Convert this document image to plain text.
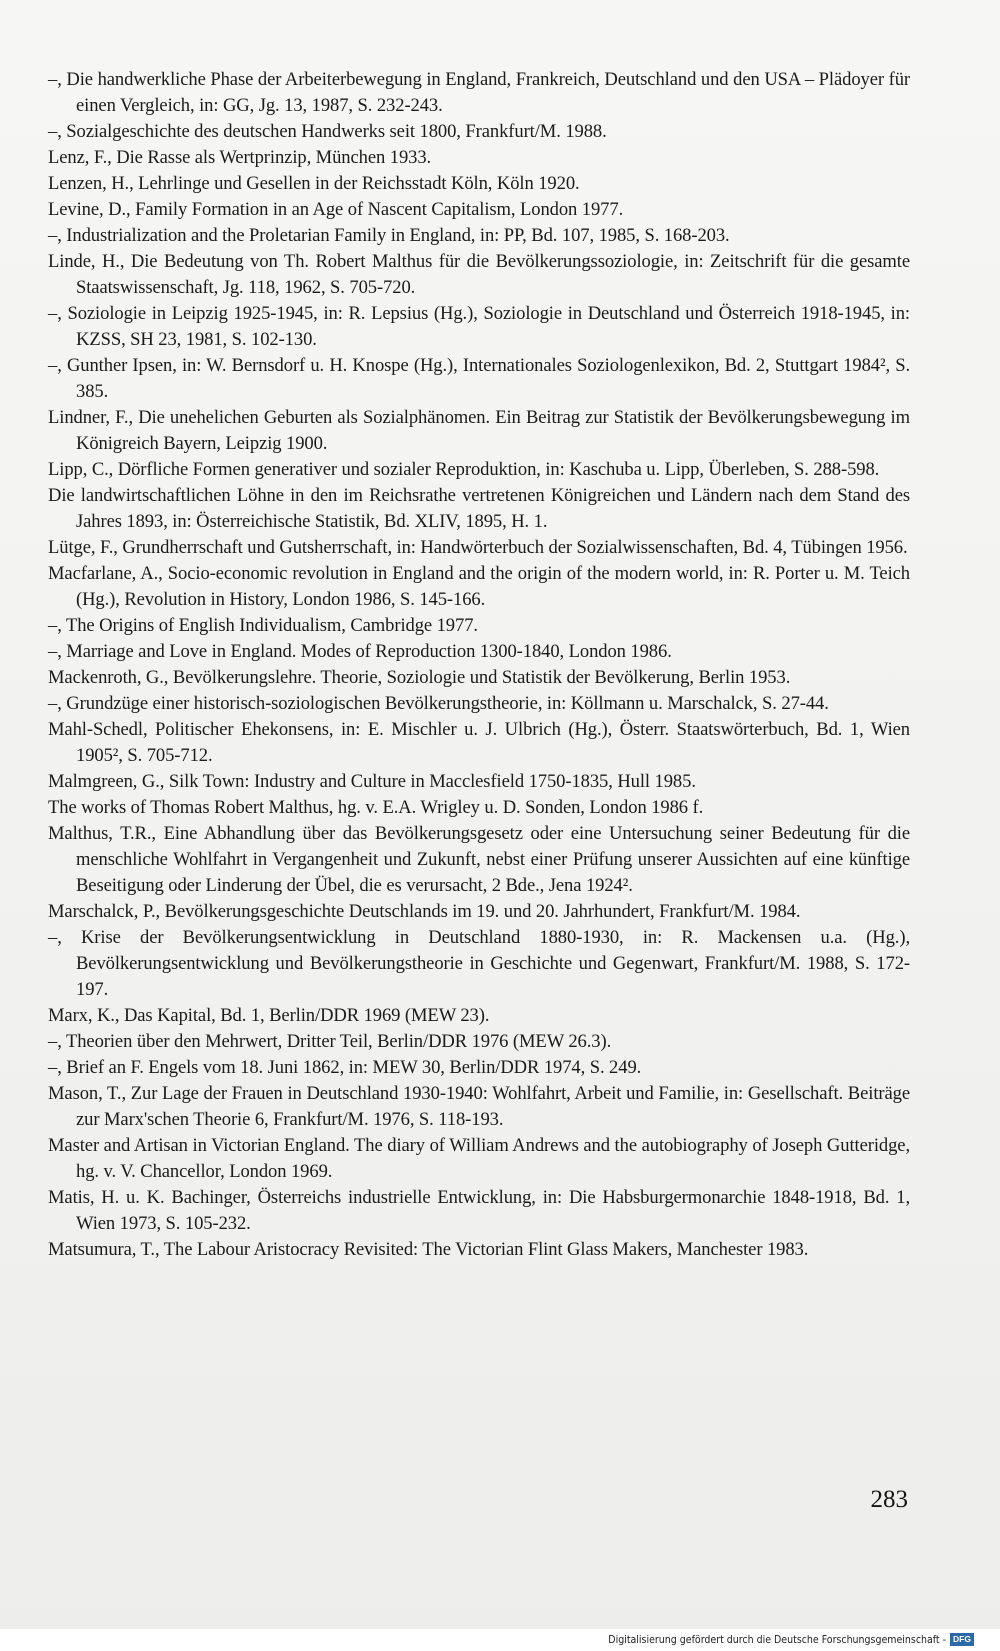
–, Die handwerkliche Phase der Arbeiterbewegung in England, Frankreich, Deutschland und den USA – Plädoyer für einen Vergleich, in: GG, Jg. 13, 1987, S. 232-243.

–, Sozialgeschichte des deutschen Handwerks seit 1800, Frankfurt/M. 1988.

Lenz, F., Die Rasse als Wertprinzip, München 1933.

Lenzen, H., Lehrlinge und Gesellen in der Reichsstadt Köln, Köln 1920.

Levine, D., Family Formation in an Age of Nascent Capitalism, London 1977.

–, Industrialization and the Proletarian Family in England, in: PP, Bd. 107, 1985, S. 168-203.

Linde, H., Die Bedeutung von Th. Robert Malthus für die Bevölkerungssoziologie, in: Zeitschrift für die gesamte Staatswissenschaft, Jg. 118, 1962, S. 705-720.

–, Soziologie in Leipzig 1925-1945, in: R. Lepsius (Hg.), Soziologie in Deutschland und Österreich 1918-1945, in: KZSS, SH 23, 1981, S. 102-130.

–, Gunther Ipsen, in: W. Bernsdorf u. H. Knospe (Hg.), Internationales Soziologenlexikon, Bd. 2, Stuttgart 1984², S. 385.

Lindner, F., Die unehelichen Geburten als Sozialphänomen. Ein Beitrag zur Statistik der Bevölkerungsbewegung im Königreich Bayern, Leipzig 1900.

Lipp, C., Dörfliche Formen generativer und sozialer Reproduktion, in: Kaschuba u. Lipp, Überleben, S. 288-598.

Die landwirtschaftlichen Löhne in den im Reichsrathe vertretenen Königreichen und Ländern nach dem Stand des Jahres 1893, in: Österreichische Statistik, Bd. XLIV, 1895, H. 1.

Lütge, F., Grundherrschaft und Gutsherrschaft, in: Handwörterbuch der Sozialwissenschaften, Bd. 4, Tübingen 1956.

Macfarlane, A., Socio-economic revolution in England and the origin of the modern world, in: R. Porter u. M. Teich (Hg.), Revolution in History, London 1986, S. 145-166.

–, The Origins of English Individualism, Cambridge 1977.

–, Marriage and Love in England. Modes of Reproduction 1300-1840, London 1986.

Mackenroth, G., Bevölkerungslehre. Theorie, Soziologie und Statistik der Bevölkerung, Berlin 1953.

–, Grundzüge einer historisch-soziologischen Bevölkerungstheorie, in: Köllmann u. Marschalck, S. 27-44.

Mahl-Schedl, Politischer Ehekonsens, in: E. Mischler u. J. Ulbrich (Hg.), Österr. Staatswörterbuch, Bd. 1, Wien 1905², S. 705-712.

Malmgreen, G., Silk Town: Industry and Culture in Macclesfield 1750-1835, Hull 1985.

The works of Thomas Robert Malthus, hg. v. E.A. Wrigley u. D. Sonden, London 1986 f.

Malthus, T.R., Eine Abhandlung über das Bevölkerungsgesetz oder eine Untersuchung seiner Bedeutung für die menschliche Wohlfahrt in Vergangenheit und Zukunft, nebst einer Prüfung unserer Aussichten auf eine künftige Beseitigung oder Linderung der Übel, die es verursacht, 2 Bde., Jena 1924².

Marschalck, P., Bevölkerungsgeschichte Deutschlands im 19. und 20. Jahrhundert, Frankfurt/M. 1984.

–, Krise der Bevölkerungsentwicklung in Deutschland 1880-1930, in: R. Mackensen u.a. (Hg.), Bevölkerungsentwicklung und Bevölkerungstheorie in Geschichte und Gegenwart, Frankfurt/M. 1988, S. 172-197.

Marx, K., Das Kapital, Bd. 1, Berlin/DDR 1969 (MEW 23).

–, Theorien über den Mehrwert, Dritter Teil, Berlin/DDR 1976 (MEW 26.3).

–, Brief an F. Engels vom 18. Juni 1862, in: MEW 30, Berlin/DDR 1974, S. 249.

Mason, T., Zur Lage der Frauen in Deutschland 1930-1940: Wohlfahrt, Arbeit und Familie, in: Gesellschaft. Beiträge zur Marx'schen Theorie 6, Frankfurt/M. 1976, S. 118-193.

Master and Artisan in Victorian England. The diary of William Andrews and the autobiography of Joseph Gutteridge, hg. v. V. Chancellor, London 1969.

Matis, H. u. K. Bachinger, Österreichs industrielle Entwicklung, in: Die Habsburgermonarchie 1848-1918, Bd. 1, Wien 1973, S. 105-232.

Matsumura, T., The Labour Aristocracy Revisited: The Victorian Flint Glass Makers, Manchester 1983.

283
Digitalisierung gefördert durch die Deutsche Forschungsgemeinschaft - DFG
